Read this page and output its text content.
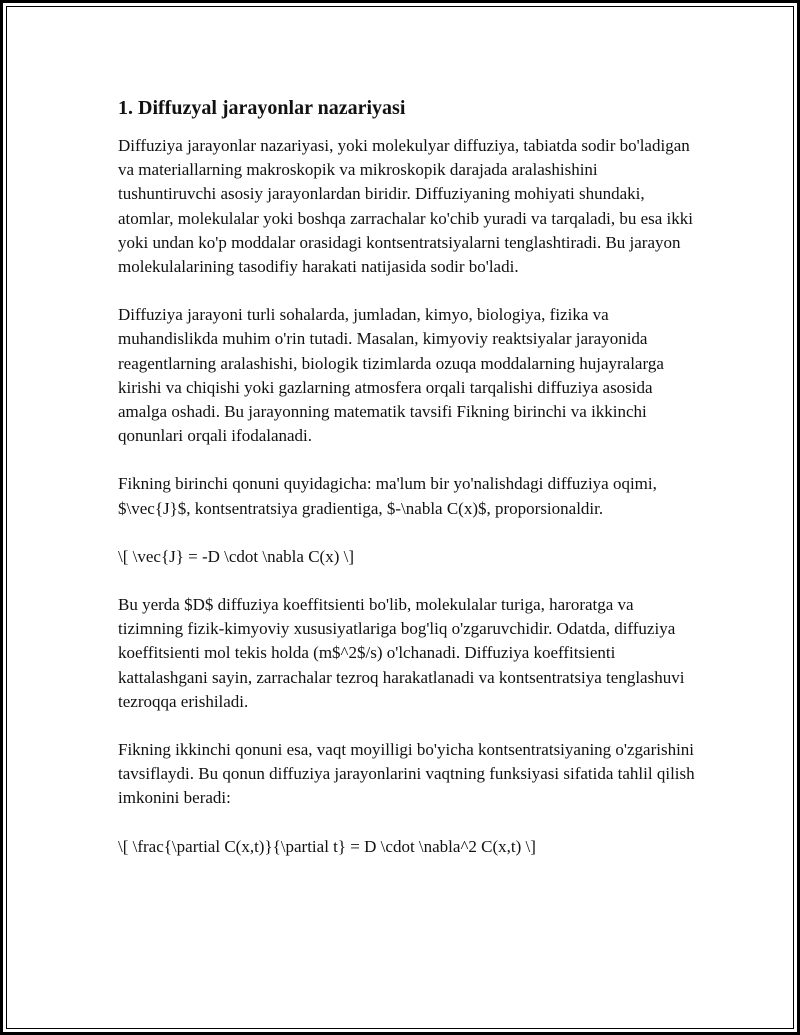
1. Diffuzyal jarayonlar nazariyasi

Diffuziya jarayonlar nazariyasi, yoki molekulyar diffuziya, tabiatda sodir bo'ladigan va materiallarning makroskopik va mikroskopik darajada aralashishini tushuntiruvchi asosiy jarayonlardan biridir. Diffuziyaning mohiyati shundaki, atomlar, molekulalar yoki boshqa zarrachalar ko'chib yuradi va tarqaladi, bu esa ikki yoki undan ko'p moddalar orasidagi kontsentratsiyalarni tenglashtiradi. Bu jarayon molekulalarining tasodifiy harakati natijasida sodir bo'ladi.

Diffuziya jarayoni turli sohalarda, jumladan, kimyo, biologiya, fizika va muhandislikda muhim o'rin tutadi. Masalan, kimyoviy reaktsiyalar jarayonida reagentlarning aralashishi, biologik tizimlarda ozuqa moddalarning hujayralarga kirishi va chiqishi yoki gazlarning atmosfera orqali tarqalishi diffuziya asosida amalga oshadi. Bu jarayonning matematik tavsifi Fikning birinchi va ikkinchi qonunlari orqali ifodalanadi.

Fikning birinchi qonuni quyidagicha: ma'lum bir yo'nalishdagi diffuziya oqimi, $\vec{J}$, kontsentratsiya gradientiga, $-\nabla C(x)$, proporsionaldir.

\[ \vec{J} = -D \cdot \nabla C(x) \]

Bu yerda $D$ diffuziya koeffitsienti bo'lib, molekulalar turiga, haroratga va tizimning fizik-kimyoviy xususiyatlariga bog'liq o'zgaruvchidir. Odatda, diffuziya koeffitsienti mol tekis holda (m$^2$/s) o'lchanadi. Diffuziya koeffitsienti kattalashgani sayin, zarrachalar tezroq harakatlanadi va kontsentratsiya tenglashuvi tezroqqa erishiladi.

Fikning ikkinchi qonuni esa, vaqt moyilligi bo'yicha kontsentratsiyaning o'zgarishini tavsiflaydi. Bu qonun diffuziya jarayonlarini vaqtning funksiyasi sifatida tahlil qilish imkonini beradi:

\[ \frac{\partial C(x,t)}{\partial t} = D \cdot \nabla^2 C(x,t) \]
